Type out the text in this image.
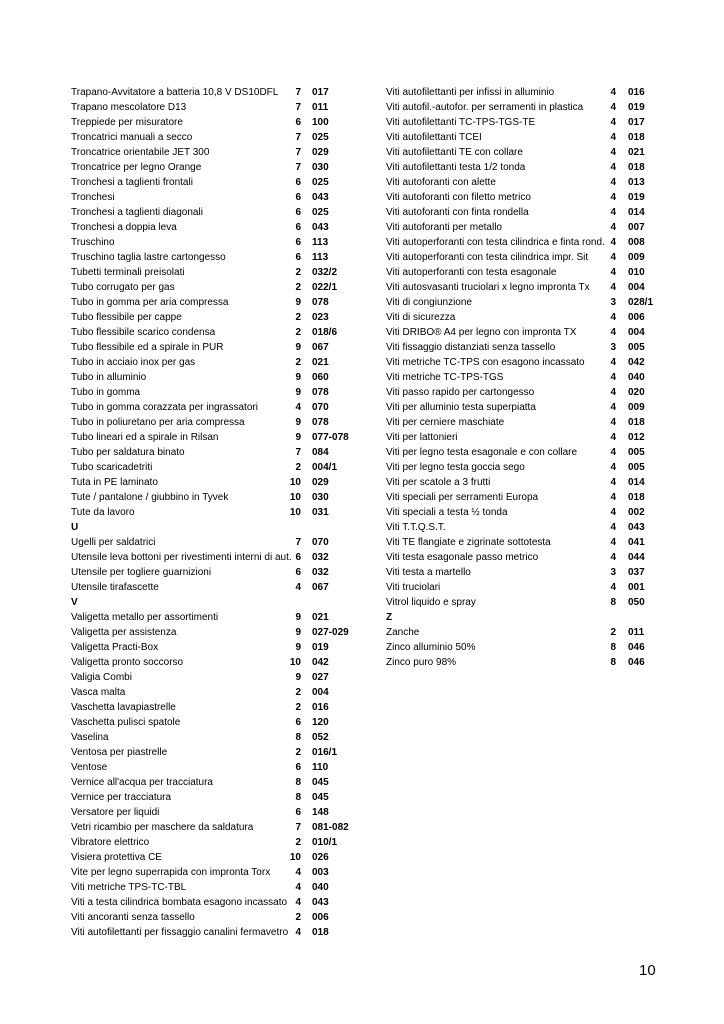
Trapano-Avvitatore a batteria 10,8 V DS10DFL	7 017
Trapano mescolatore D13	7 011
Treppiede per misuratore	6 100
Troncatrici manuali a secco	7 025
Troncatrice orientabile JET 300	7 029
Troncatrice per legno Orange	7 030
Tronchesi a taglienti frontali	6 025
Tronchesi	6 043
Tronchesi a taglienti diagonali	6 025
Tronchesi a doppia leva	6 043
Truschino	6 113
Truschino taglia lastre cartongesso	6 113
Tubetti terminali preisolati	2 032/2
Tubo corrugato per gas	2 022/1
Tubo in gomma per aria compressa	9 078
Tubo flessibile per cappe	2 023
Tubo flessibile scarico condensa	2 018/6
Tubo flessibile ed a spirale in PUR	9 067
Tubo in acciaio inox per gas	2 021
Tubo in alluminio	9 060
Tubo in gomma	9 078
Tubo in gomma corazzata per ingrassatori	4 070
Tubo in poliuretano per aria compressa	9 078
Tubo lineari ed a spirale in Rilsan	9 077-078
Tubo per saldatura binato	7 084
Tubo scaricadetriti	2 004/1
Tuta in PE laminato	10 029
Tute / pantalone / giubbino in Tyvek	10 030
Tute da lavoro	10 031
U
Ugelli per saldatrici	7 070
Utensile leva bottoni per rivestimenti interni di aut. 6 032
Utensile per togliere guarnizioni	6 032
Utensile tirafascette	4 067
V
Valigetta metallo per assortimenti	9 021
Valigetta per assistenza	9 027-029
Valigetta Practi-Box	9 019
Valigetta pronto soccorso	10 042
Valigia Combi	9 027
Vasca malta	2 004
Vaschetta lavapiastrelle	2 016
Vaschetta pulisci spatole	6 120
Vaselina	8 052
Ventosa per piastrelle	2 016/1
Ventose	6 110
Vernice all'acqua per tracciatura	8 045
Vernice per tracciatura	8 045
Versatore per liquidi	6 148
Vetri ricambio per maschere da saldatura	7 081-082
Vibratore elettrico	2 010/1
Visiera protettiva CE	10 026
Vite per legno superrapida con impronta Torx	4 003
Viti metriche TPS-TC-TBL	4 040
Viti a testa cilindrica bombata esagono incassato 4 043
Viti ancoranti senza tassello	2 006
Viti autofilettanti per fissaggio canalini fermavetro 4 018
Viti autofilettanti per infissi in alluminio	4 016
Viti autofil.-autofor. per serramenti in plastica	4 019
Viti autofilettanti TC-TPS-TGS-TE	4 017
Viti autofilettanti TCEI	4 018
Viti autofilettanti TE con collare	4 021
Viti autofilettanti testa 1/2 tonda	4 018
Viti autoforanti con alette	4 013
Viti autoforanti con filetto metrico	4 019
Viti autoforanti con finta rondella	4 014
Viti autoforanti per metallo	4 007
Viti autoperforanti con testa cilindrica e finta rond. 4 008
Viti autoperforanti con testa cilindrica impr. Sit	4 009
Viti autoperforanti con testa esagonale	4 010
Viti autosvasanti truciolari x legno impronta Tx	4 004
Viti di congiunzione	3 028/1
Viti di sicurezza	4 006
Viti DRIBO® A4 per legno con impronta TX	4 004
Viti fissaggio distanziati senza tassello	3 005
Viti metriche TC-TPS con esagono incassato	4 042
Viti metriche TC-TPS-TGS	4 040
Viti passo rapido per cartongesso	4 020
Viti per alluminio testa superpiatta	4 009
Viti per cerniere maschiate	4 018
Viti per lattonieri	4 012
Viti per legno testa esagonale e con collare	4 005
Viti per legno testa goccia sego	4 005
Viti per scatole a 3 frutti	4 014
Viti speciali per serramenti Europa	4 018
Viti speciali a testa ½ tonda	4 002
Viti T.T.Q.S.T.	4 043
Viti TE flangiate e zigrinate sottotesta	4 041
Viti testa esagonale passo metrico	4 044
Viti testa a martello	3 037
Viti truciolari	4 001
Vitrol liquido e spray	8 050
Z
Zanche	2 011
Zinco alluminio 50%	8 046
Zinco puro 98%	8 046
10
